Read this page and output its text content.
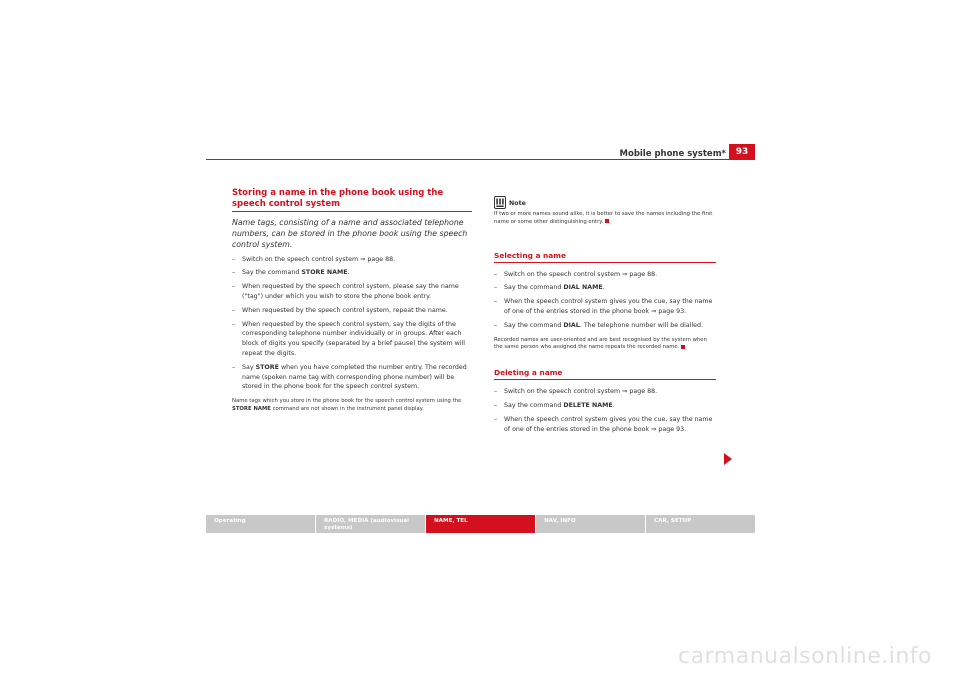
Mobile phone system*	93
Storing a name in the phone book using the speech control system
Name tags, consisting of a name and associated telephone numbers, can be stored in the phone book using the speech control system.
– Switch on the speech control system ⇒ page 88.
– Say the command STORE NAME.
– When requested by the speech control system, please say the name ("tag") under which you wish to store the phone book entry.
– When requested by the speech control system, repeat the name.
– When requested by the speech control system, say the digits of the corresponding telephone number individually or in groups. After each block of digits you specify (separated by a brief pause) the system will repeat the digits.
– Say STORE when you have completed the number entry. The recorded name (spoken name tag with corresponding phone number) will be stored in the phone book for the speech control system.
Name tags which you store in the phone book for the speech control system using the STORE NAME command are not shown in the instrument panel display.
Note
If two or more names sound alike, it is better to save the names including the first name or some other distinguishing entry.
Selecting a name
– Switch on the speech control system ⇒ page 88.
– Say the command DIAL NAME.
– When the speech control system gives you the cue, say the name of one of the entries stored in the phone book ⇒ page 93.
– Say the command DIAL. The telephone number will be dialled.
Recorded names are user-oriented and are best recognised by the system when the same person who assigned the name repeats the recorded name.
Deleting a name
– Switch on the speech control system ⇒ page 88.
– Say the command DELETE NAME.
– When the speech control system gives you the cue, say the name of one of the entries stored in the phone book ⇒ page 93.
Operating	RADIO, MEDIA (audiovisual systems)
NAME, TEL	NAV, INFO	CAR, SETUP
carmanualsonline.info
